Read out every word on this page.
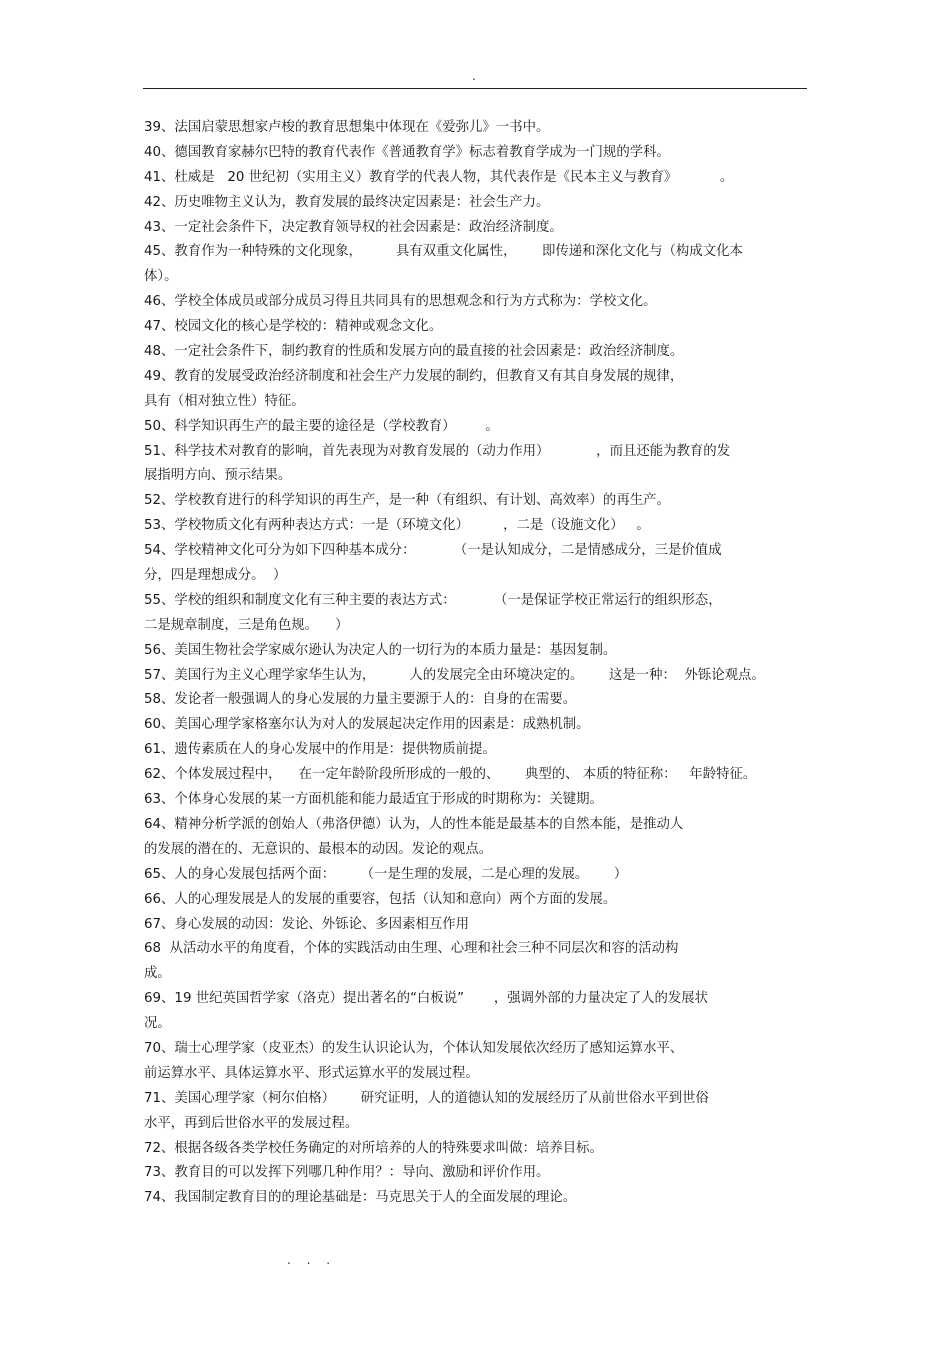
.
39、法国启蒙思想家卢梭的教育思想集中体现在《爱弥儿》一书中。
40、德国教育家赫尔巴特的教育代表作《普通教育学》标志着教育学成为一门规的学科。
41、杜威是   20 世纪初（实用主义）教育学的代表人物，其代表作是《民本主义与教育》          。
42、历史唯物主义认为，教育发展的最终决定因素是：社会生产力。
43、一定社会条件下，决定教育领导权的社会因素是：政治经济制度。
45、教育作为一种特殊的文化现象，        具有双重文化属性，      即传递和深化文化与（构成文化本
体）。
46、学校全体成员或部分成员习得且共同具有的思想观念和行为方式称为：学校文化。
47、校园文化的核心是学校的：精神或观念文化。
48、一定社会条件下，制约教育的性质和发展方向的最直接的社会因素是：政治经济制度。
49、教育的发展受政治经济制度和社会生产力发展的制约，但教育又有其自身发展的规律，
具有（相对独立性）特征。
50、科学知识再生产的最主要的途径是（学校教育）       。
51、科学技术对教育的影响，首先表现为对教育发展的（动力作用）           ，而且还能为教育的发
展指明方向、预示结果。
52、学校教育进行的科学知识的再生产，是一种（有组织、有计划、高效率）的再生产。
53、学校物质文化有两种表达方式：一是（环境文化）        ，二是（设施文化）   。
54、学校精神文化可分为如下四种基本成分：         （一是认知成分，二是情感成分，三是价值成
分，四是理想成分。  ）
55、学校的组织和制度文化有三种主要的表达方式：         （一是保证学校正常运行的组织形态，
二是规章制度，三是角色规。    ）
56、美国生物社会学家威尔逊认为决定人的一切行为的本质力量是：基因复制。
57、美国行为主义心理学家华生认为，        人的发展完全由环境决定的。      这是一种：  外铄论观点。
58、发论者一般强调人的身心发展的力量主要源于人的：自身的在需要。
60、美国心理学家格塞尔认为对人的发展起决定作用的因素是：成熟机制。
61、遗传素质在人的身心发展中的作用是：提供物质前提。
62、个体发展过程中，    在一定年龄阶段所形成的一般的、      典型的、 本质的特征称：   年龄特征。
63、个体身心发展的某一方面机能和能力最适宜于形成的时期称为：关键期。
64、精神分析学派的创始人（弗洛伊德）认为，人的性本能是最基本的自然本能，是推动人
的发展的潜在的、无意识的、最根本的动因。发论的观点。
65、人的身心发展包括两个面：      （一是生理的发展，二是心理的发展。      ）
66、人的心理发展是人的发展的重要容，包括（认知和意向）两个方面的发展。
67、身心发展的动因：发论、外铄论、多因素相互作用
68  从活动水平的角度看，个体的实践活动由生理、心理和社会三种不同层次和容的活动构
成。
69、19 世纪英国哲学家（洛克）提出著名的“白板说”       ，强调外部的力量决定了人的发展状
况。
70、瑞士心理学家（皮亚杰）的发生认识论认为，个体认知发展依次经历了感知运算水平、
前运算水平、具体运算水平、形式运算水平的发展过程。
71、美国心理学家（柯尔伯格）      研究证明，人的道德认知的发展经历了从前世俗水平到世俗
水平，再到后世俗水平的发展过程。
72、根据各级各类学校任务确定的对所培养的人的特殊要求叫做：培养目标。
73、教育目的可以发挥下列哪几种作用？：导向、激励和评价作用。
74、我国制定教育目的的理论基础是：马克思关于人的全面发展的理论。
. . .
